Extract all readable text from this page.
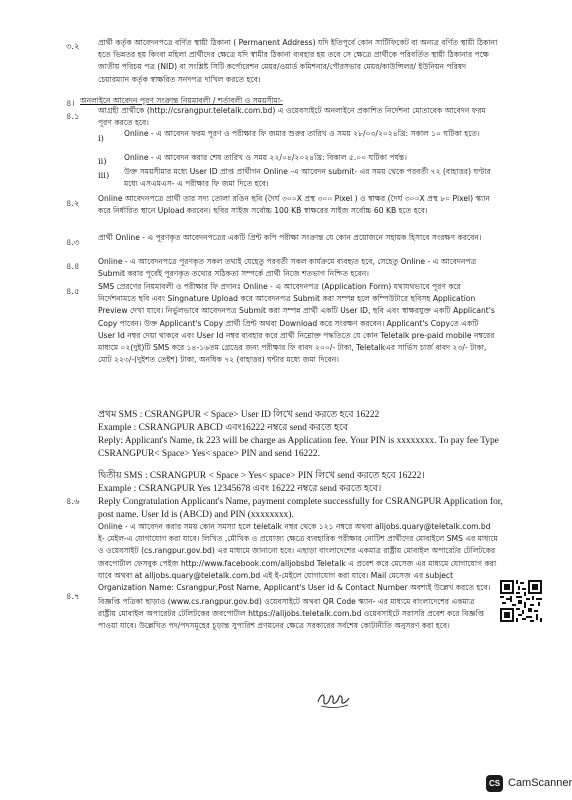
৩.২ প্রার্থী কর্তৃক আবেদনপত্রে বর্ণিত স্থায়ী ঠিকানা ( Permanent Address) যদি ইতিপূর্বে কোন সার্টিফিকেট বা অন্যত্র বর্ণিত স্থায়ী ঠিকানা হতে ভিন্নতর হয় কিংবা মহিলা প্রার্থীদের ক্ষেত্রে যদি স্বামীর ঠিকানা ব্যবহার হয় তবে সে ক্ষেত্রে প্রার্থীকে পরিবর্তিত স্থায়ী ঠিকানার পক্ষে জাতীয় পরিচয় পত্র (NID) বা সংশ্লিষ্ট সিটি কর্পোরেশন মেয়র/ওয়ার্ড কমিশনার/পৌরসভার মেয়র/কাউন্সিলর/ ইউনিয়ন পরিষদ চেয়ারম্যান কর্তৃক স্বাক্ষরিত সনদপত্র দাখিল করতে হবে।
৪। অনলাইনে আবেদন পূরণ সংক্রান্ত নিয়মাবলী / শর্তাবলী ও সময়সীমা-
৪.১
আগ্রহী প্রার্থীকে (http://csrangpur.teletalk.com.bd) এ ওয়েবসাইটে অনলাইনে প্রকাশিত নির্দেশনা মোতাবেক আবেদন ফরম পূরণ করতে হবে।
i)	Online - এ আবেদন ফরম পূরণ ও পরীক্ষার ফি জমার শুরুর তারিখ ও সময় ২৮/০৩/২০২৪খ্রি: সকাল ১০ ঘটিকা হতে।
ii) Online - এ আবেদন করার শেষ তারিখ ও সময় ২২/০৪/২০২৪খ্রি: বিকাল ৫.০০ ঘটিকা পর্যন্ত।
iii) উক্ত সময়সীমার মধ্যে User ID প্রাপ্ত প্রার্থীগন Online -এ আবেদন submit- এর সময় থেকে পরবর্তী ৭২ (বাহাত্তর) ঘণ্টার মধ্যে এসএমএস- এ পরীক্ষার ফি জমা দিতে হবে।
৪.২ Online আবেদনপত্রে প্রার্থী তার সদ্য তোলা রঙিন ছবি (দৈর্ঘ ৩০০X প্রস্থ ৩০০ Pixel ) ও স্বাক্ষর (দৈর্ঘ ৩০০X প্রস্থ ৮০ Pixel) স্ক্যান করে নির্ধারিত স্থানে Upload করবেন। ছবির সাইজ সর্বোচ্চ 100 KB স্বাক্ষরের সাইজ সর্বোচ্চ 60 KB হতে হবে।
৪.৩ প্রার্থী Online - এ পূরণকৃত আবেদনপত্রের একটি প্রিন্ট কপি পরীক্ষা সংক্রান্ত যে কোন প্রয়োজনে সহায়ক হিসাবে সংরক্ষণ করবেন।
৪.৪ Online - এ আবেদনপত্রে পূরণকৃত সকল তথ্যই যেহেতু পরবর্তী সকল কার্যক্রমে ব্যবহৃত হবে, সেহেতু Online - এ আবেদনপত্র Submit করার পূর্বেই পূরণকৃত তথ্যের সঠিকতা সম্পর্কে প্রার্থী নিজে শতভাগ নিশ্চিত হবেন।
৪.৫ SMS প্রেরণের নিয়মাবলী ও পরীক্ষার ফি প্রদানঃ Online - এ আবেদনপত্র (Application Form) যথাযথভাবে পূরণ করে নির্দেশনামতে ছবি এবং Singnature Upload করে আবেদনপত্র Submit করা সম্পন্ন হলে কম্পিউটারে ছবিসহ Application Preview দেখা যাবে। নির্ভুলভাবে আবেদনপত্র Submit করা সম্পন্ন প্রার্থী একটি User ID, ছবি এবং স্বাক্ষরযুক্ত একটি Applicant's Copy পাবেন। উক্ত Applicant's Copy প্রার্থী প্রিন্ট অথবা Download করে সংরক্ষণ করবেন। Applicant's Copyতে একটি User Id নম্বর দেয়া থাকবে এবং User Id নম্বর ব্যবহার করে প্রার্থী নিম্নোক্ত পদ্ধতিতে যে কোন Teletalk pre-paid mobile নম্বরের মাধ্যমে ০২(দুই)টি SMS করে ১৪-১৬তম গ্রেডের জন্য পরীক্ষার ফি বাবদ ২০০/- টাকা, Teletalkএর সার্ভিস চার্জ বাবদ ২৩/- টাকা, মোট ২২৩/-(দুইশত তেইশ) টাকা, অনধিক ৭২ (বাহাত্তর) ঘন্টার মধ্যে জমা দিবেন।
প্রথম SMS : CSRANGPUR < Space> User ID লিখে send করতে হবে 16222
Example : CSRANGPUR ABCD এবং16222 নম্বরে send করতে হবে
Reply: Applicant's Name, tk 223 will be charge as Application fee. Your PIN is xxxxxxxx. To pay fee Type CSRANGPUR< Space> Yes< space> PIN and send 16222.
দ্বিতীয় SMS : CSRANGPUR < Space > Yes< space> PIN লিখে send করতে হবে 16222।
Example : CSRANGPUR Yes 12345678 এবং 16222 নম্বরে send করতে হবে।
Reply Congratulation Applicant's Name, payment complete successfully for CSRANGPUR Application for, post name. User Id is (ABCD) and PIN (xxxxxxxx).
৪.৬
Online - এ আবেদন করার সময় কোন সমস্যা হলে teletalk নম্বর থেকে ১২১ নম্বরে অথবা alljobs.quary@teletalk.com.bd ই- মেইল-এ যোগাযোগ করা যাবে। লিখিত ,মৌখিক ও প্রযোজ্য ক্ষেত্রে ব্যবহারিক পরীক্ষার নোটিশ প্রার্থীদের মোবাইলে SMS এর মাধ্যমে ও ওয়েবসাইট (cs.rangpur.gov.bd) এর মাধ্যমে জানানো হবে। এছাড়া বাংলাদেশের একমাত্র রাষ্ট্রীয় মোবাইল অপারেটর টেলিটকের জবপোর্টাল ফেসবুক পেইজ http://www.facebook.com/alljobsbd Teletalk এ প্রবেশ করে মেসেজ এর মাধ্যমে যোগাযোগ করা যাবে অথবা at alljobs.quary@teletalk.com.bd এই ই-মেইলে যোগাযোগ করা যাবে। Mail মেসেজ এর subject Organization Name: Csrangpur,Post Name, Applicant's User id & Contact Number অবশ্যই উল্লেখ করতে হবে।
৪.৭
বিজ্ঞপ্তি পত্রিকা ছাড়াও (www.cs.rangpur.gov.bd) ওয়েবসাইটে অথবা QR Code স্ক্যান- এর মাধ্যমে বাংলাদেশের একমাত্র রাষ্ট্রীয় মোবাইল অপারেটর টেলিটকের জবপোর্টাল https://alljobs.teletalk.com.bd ওয়েবসাইটে সরাসরি প্রবেশ করে বিজ্ঞপ্তি পাওয়া যাবে। উল্লেখিত পদ/পদসমূহের চূড়ান্ত সুপারিশ প্রণয়নের ক্ষেত্রে সরকারের সর্বশেষ কোটানীতি অনুসরণ করা হবে।
CS CamScanner
